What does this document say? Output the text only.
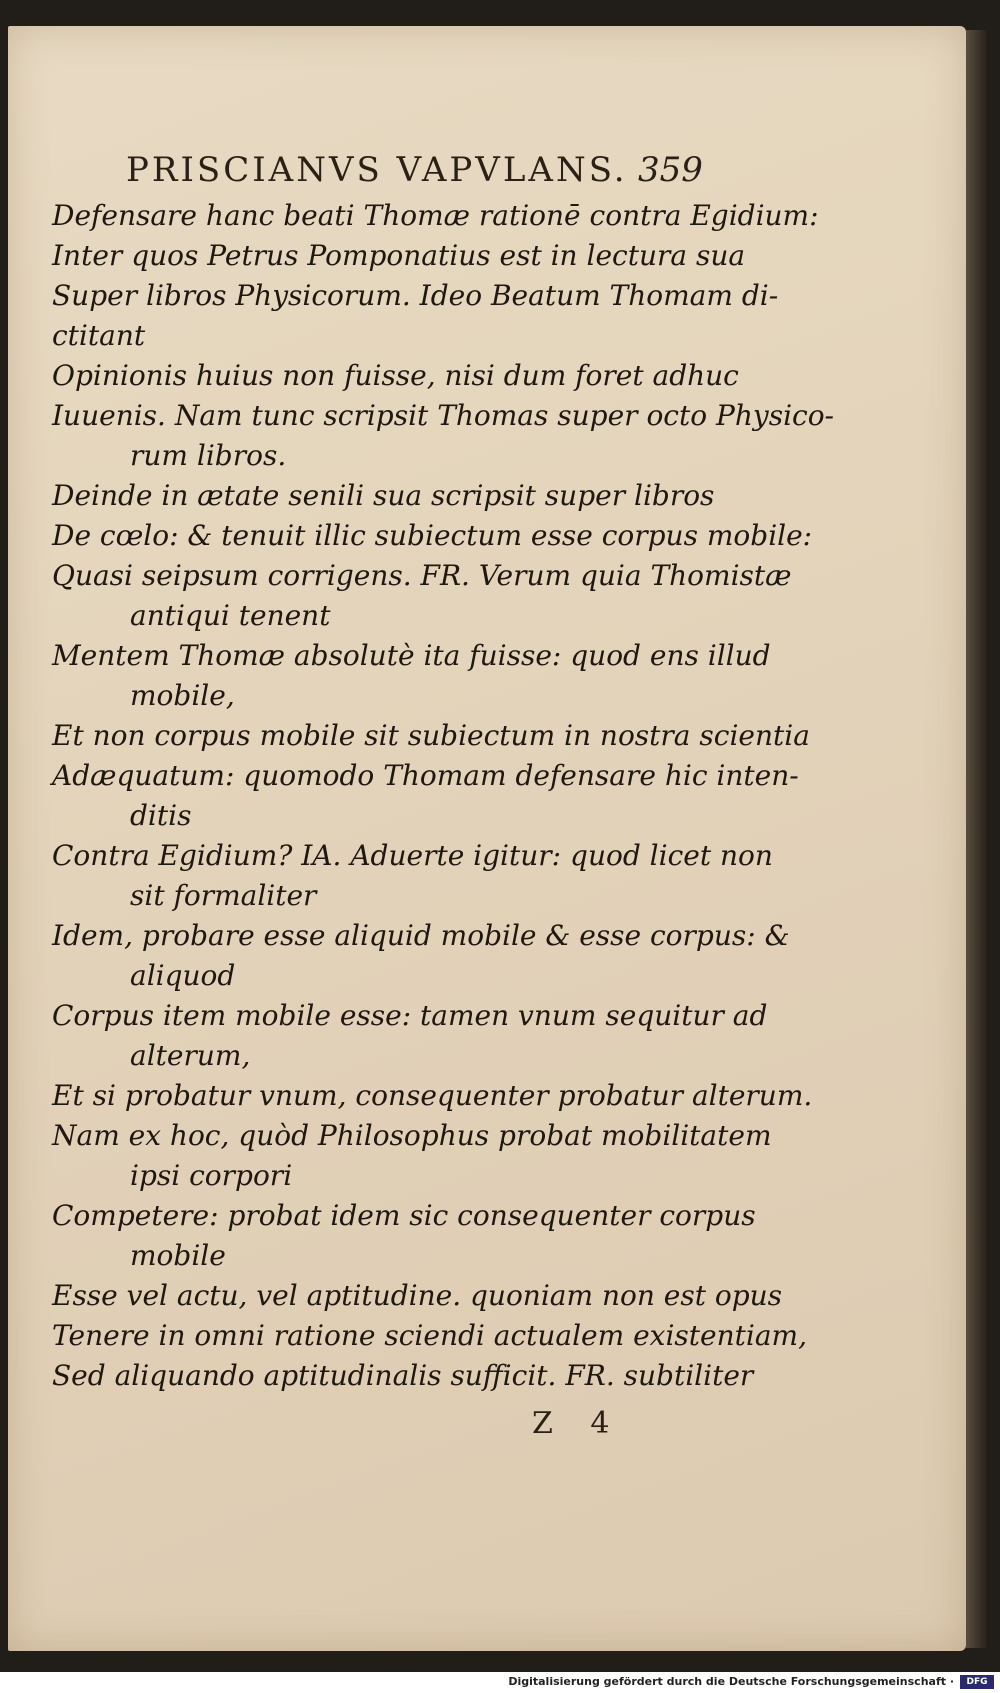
PRISCIANVS VAPVLANS. 359
Defensare hanc beati Thomæ rationē contra Egidium:
Inter quos Petrus Pomponatius est in lectura sua
Super libros Physicorum. Ideo Beatum Thomam di-
ctitant
Opinionis huius non fuisse, nisi dum foret adhuc
Iuuenis. Nam tunc scripsit Thomas super octo Physico-
rum libros.
Deinde in ætate senili sua scripsit super libros
De cœlo: & tenuit illic subiectum esse corpus mobile:
Quasi seipsum corrigens. FR. Verum quia Thomistæ
antiqui tenent
Mentem Thomæ absolutè ita fuisse: quod ens illud
mobile,
Et non corpus mobile sit subiectum in nostra scientia
Adæquatum: quomodo Thomam defensare hic inten-
ditis
Contra Egidium? IA. Aduerte igitur: quod licet non
sit formaliter
Idem, probare esse aliquid mobile & esse corpus: &
aliquod
Corpus item mobile esse: tamen vnum sequitur ad
alterum,
Et si probatur vnum, consequenter probatur alterum.
Nam ex hoc, quòd Philosophus probat mobilitatem
ipsi corpori
Competere: probat idem sic consequenter corpus
mobile
Esse vel actu, vel aptitudine. quoniam non est opus
Tenere in omni ratione sciendi actualem existentiam,
Sed aliquando aptitudinalis sufficit. FR. subtiliter
Z 4
Digitalisierung gefördert durch die Deutsche Forschungsgemeinschaft ·	DFG
